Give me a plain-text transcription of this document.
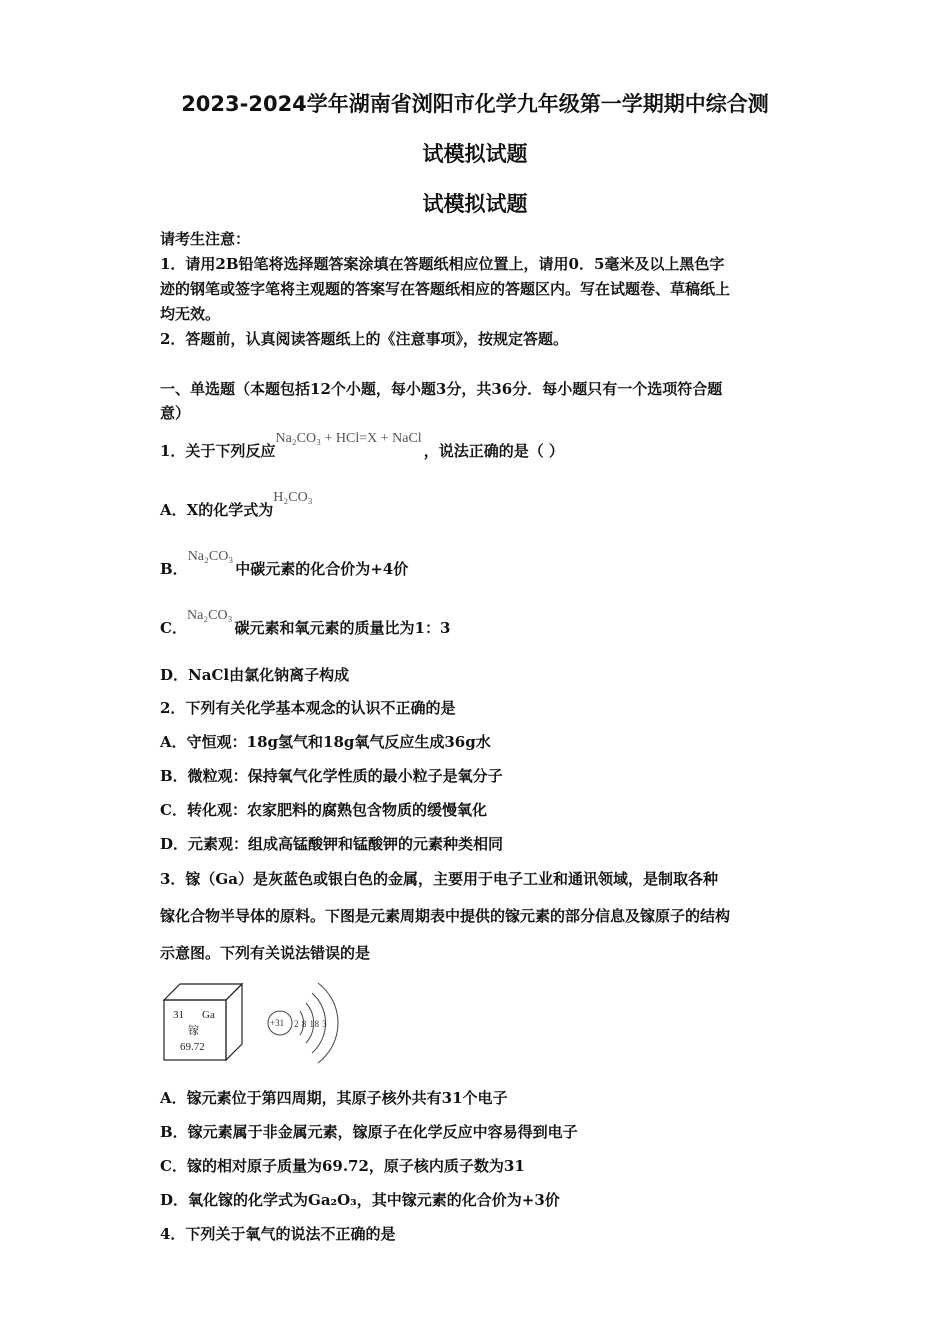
2023-2024学年湖南省浏阳市化学九年级第一学期期中综合测
试模拟试题
试模拟试题
请考生注意：
1．请用2B铅笔将选择题答案涂填在答题纸相应位置上，请用0．5毫米及以上黑色字
迹的钢笔或签字笔将主观题的答案写在答题纸相应的答题区内。写在试题卷、草稿纸上
均无效。
2．答题前，认真阅读答题纸上的《注意事项》，按规定答题。
一、单选题（本题包括12个小题，每小题3分，共36分．每小题只有一个选项符合题
意）
1．关于下列反应Na₂CO₃ + HCl=X + NaCl，说法正确的是（ ）
A．X的化学式为H₂CO₃
B．Na₂CO₃中碳元素的化合价为+4价
C．Na₂CO₃碳元素和氧元素的质量比为1：3
D．NaCl由氯化钠离子构成
2．下列有关化学基本观念的认识不正确的是
A．守恒观：18g氢气和18g氧气反应生成36g水
B．微粒观：保持氧气化学性质的最小粒子是氧分子
C．转化观：农家肥料的腐熟包含物质的缓慢氧化
D．元素观：组成高锰酸钾和锰酸钾的元素种类相同
3．镓（Ga）是灰蓝色或银白色的金属，主要用于电子工业和通讯领域，是制取各种
镓化合物半导体的原料。下图是元素周期表中提供的镓元素的部分信息及镓原子的结构
示意图。下列有关说法错误的是
31 Ga
镓
69.72
+31 2 8 18 3
A．镓元素位于第四周期，其原子核外共有31个电子
B．镓元素属于非金属元素，镓原子在化学反应中容易得到电子
C．镓的相对原子质量为69.72，原子核内质子数为31
D．氧化镓的化学式为Ga₂O₃，其中镓元素的化合价为+3价
4．下列关于氧气的说法不正确的是
